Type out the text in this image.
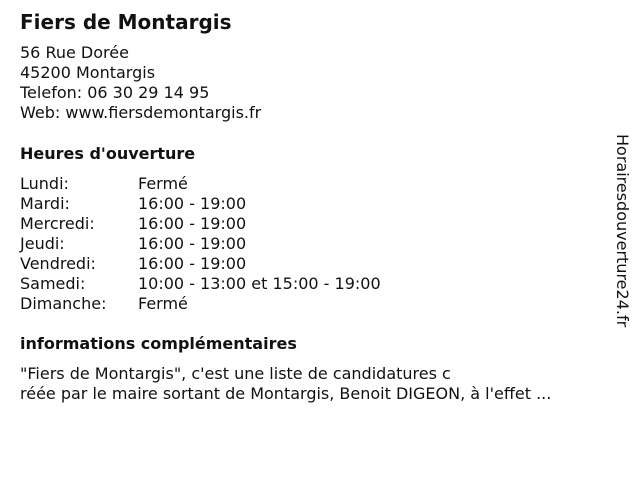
Fiers de Montargis
56 Rue Dorée
45200 Montargis
Telefon: 06 30 29 14 95
Web: www.fiersdemontargis.fr
Heures d'ouverture
Lundi:	Fermé
Mardi:	16:00 - 19:00
Mercredi:	16:00 - 19:00
Jeudi:	16:00 - 19:00
Vendredi:	16:00 - 19:00
Samedi:	10:00 - 13:00 et 15:00 - 19:00
Dimanche: Fermé
informations complémentaires
"Fiers de Montargis", c'est une liste de candidatures c
réée par le maire sortant de Montargis, Benoit DIGEON, à l'effet ...
Horairesdouverture24.fr
